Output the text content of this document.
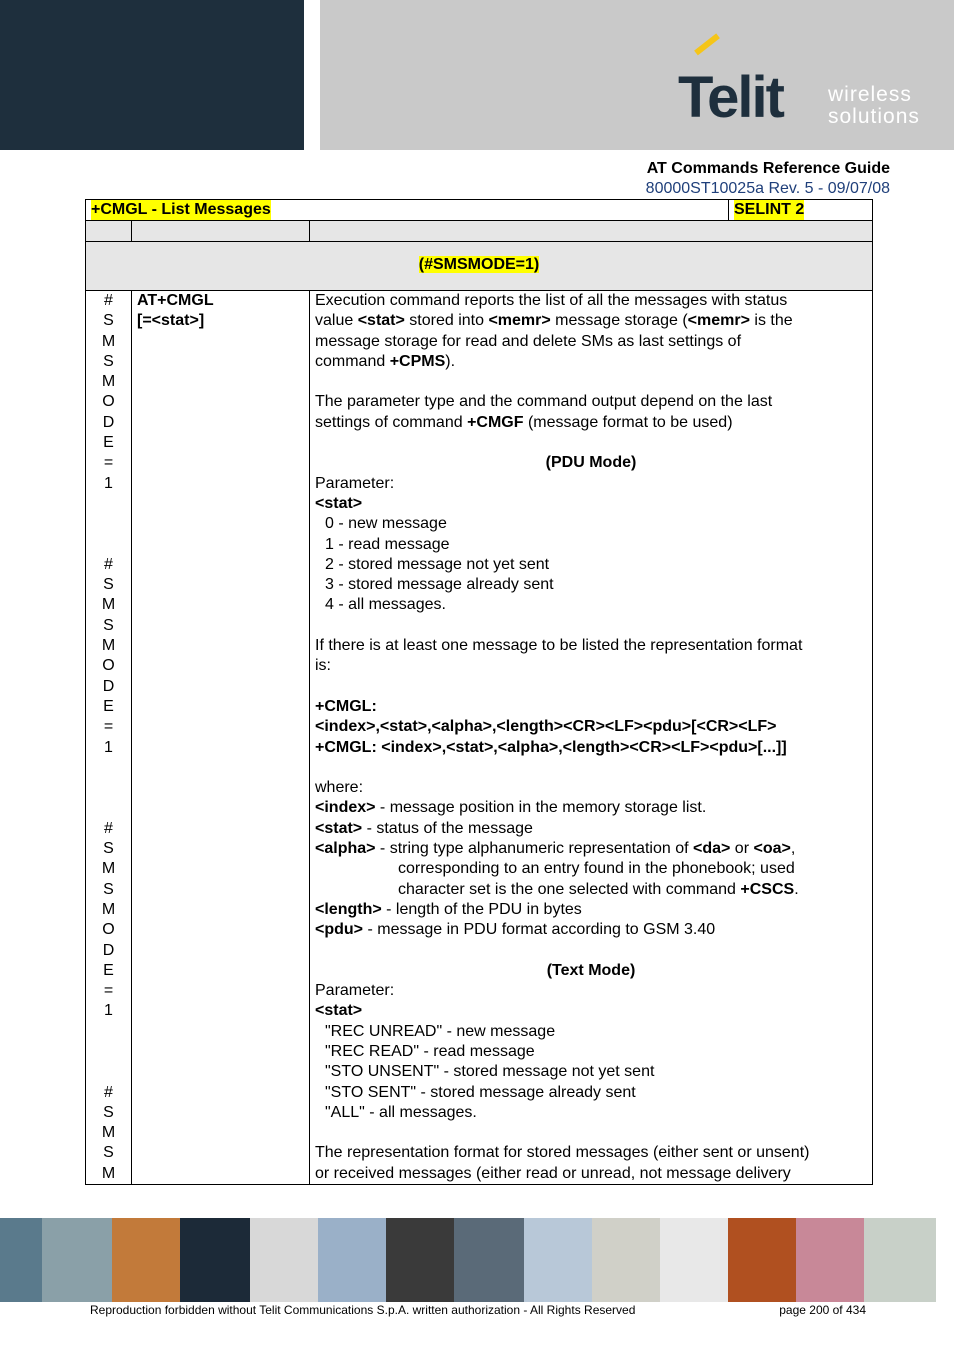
Telit wireless
solutions
AT Commands Reference Guide
80000ST10025a Rev. 5 - 09/07/08
+CMGL - List Messages	SELINT 2
(#SMSMODE=1)
#
S
M
S
M
O
D
E
=
1

#
S
M
S
M
O
D
E
=
1

#
S
M
S
M
O
D
E
=
1

#
S
M
S
M
AT+CMGL
[=<stat>]
Execution command reports the list of all the messages with status
value <stat> stored into <memr> message storage (<memr> is the
message storage for read and delete SMs as last settings of
command +CPMS).

The parameter type and the command output depend on the last
settings of command +CMGF (message format to be used)

(PDU Mode)
Parameter:
<stat>
0 - new message
1 - read message
2 - stored message not yet sent
3 - stored message already sent
4 - all messages.

If there is at least one message to be listed the representation format
is:

+CMGL:
<index>,<stat>,<alpha>,<length><CR><LF><pdu>[<CR><LF>
+CMGL: <index>,<stat>,<alpha>,<length><CR><LF><pdu>[...]]

where:
<index> - message position in the memory storage list.
<stat> - status of the message
<alpha> - string type alphanumeric representation of <da> or <oa>,
corresponding to an entry found in the phonebook; used
character set is the one selected with command +CSCS.
<length> - length of the PDU in bytes
<pdu> - message in PDU format according to GSM 3.40

(Text Mode)
Parameter:
<stat>
"REC UNREAD" - new message
"REC READ" - read message
"STO UNSENT" - stored message not yet sent
"STO SENT" - stored message already sent
"ALL" - all messages.

The representation format for stored messages (either sent or unsent)
or received messages (either read or unread, not message delivery
Reproduction forbidden without Telit Communications S.p.A. written authorization - All Rights Reserved	page 200 of 434
